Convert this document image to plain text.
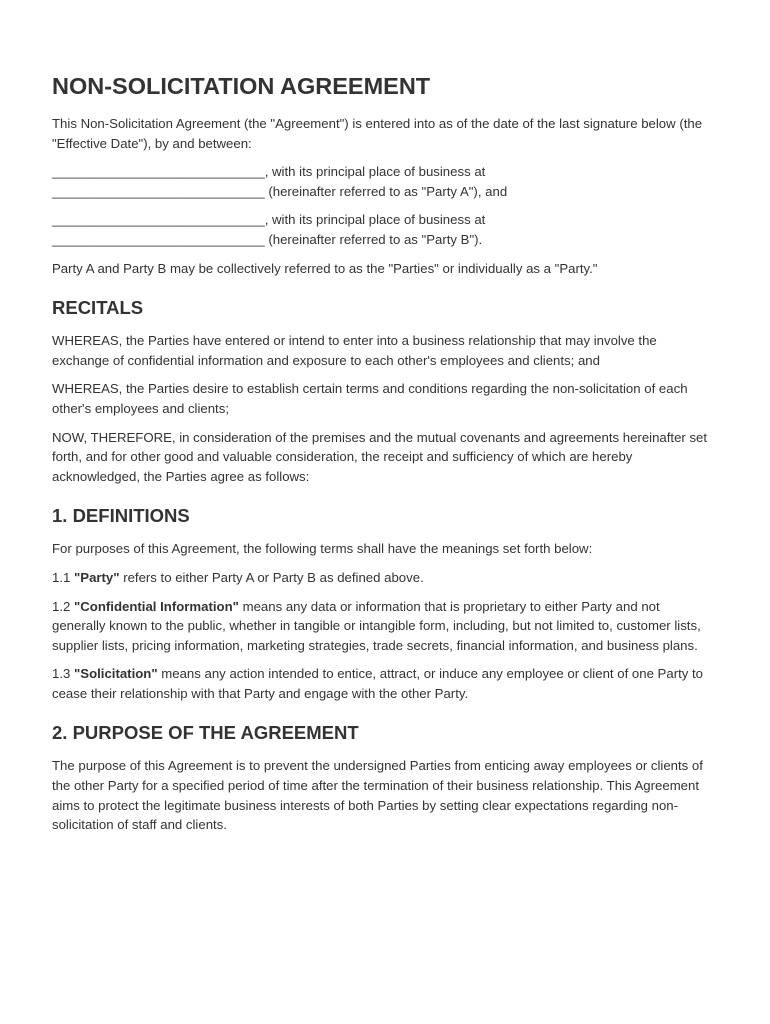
NON-SOLICITATION AGREEMENT

This Non-Solicitation Agreement (the "Agreement") is entered into as of the date of the last signature below (the "Effective Date"), by and between:

_____________________________, with its principal place of business at
_____________________________ (hereinafter referred to as "Party A"), and

_____________________________, with its principal place of business at
_____________________________ (hereinafter referred to as "Party B").

Party A and Party B may be collectively referred to as the "Parties" or individually as a "Party."

RECITALS

WHEREAS, the Parties have entered or intend to enter into a business relationship that may involve the exchange of confidential information and exposure to each other's employees and clients; and

WHEREAS, the Parties desire to establish certain terms and conditions regarding the non-solicitation of each other's employees and clients;

NOW, THEREFORE, in consideration of the premises and the mutual covenants and agreements hereinafter set forth, and for other good and valuable consideration, the receipt and sufficiency of which are hereby acknowledged, the Parties agree as follows:

1. DEFINITIONS

For purposes of this Agreement, the following terms shall have the meanings set forth below:

1.1 "Party" refers to either Party A or Party B as defined above.

1.2 "Confidential Information" means any data or information that is proprietary to either Party and not generally known to the public, whether in tangible or intangible form, including, but not limited to, customer lists, supplier lists, pricing information, marketing strategies, trade secrets, financial information, and business plans.

1.3 "Solicitation" means any action intended to entice, attract, or induce any employee or client of one Party to cease their relationship with that Party and engage with the other Party.

2. PURPOSE OF THE AGREEMENT

The purpose of this Agreement is to prevent the undersigned Parties from enticing away employees or clients of the other Party for a specified period of time after the termination of their business relationship. This Agreement aims to protect the legitimate business interests of both Parties by setting clear expectations regarding non-solicitation of staff and clients.
